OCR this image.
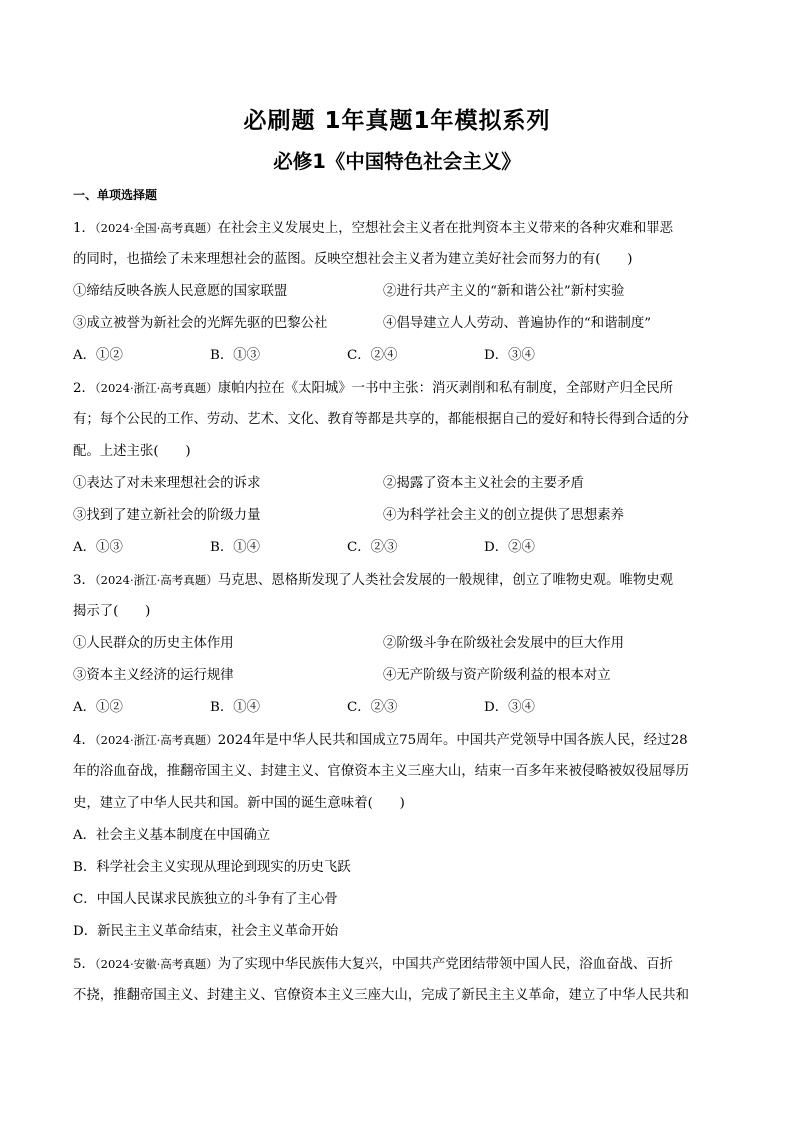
必刷题 1年真题1年模拟系列
必修1《中国特色社会主义》
一、单项选择题
1．（2024·全国·高考真题）在社会主义发展史上，空想社会主义者在批判资本主义带来的各种灾难和罪恶
的同时，也描绘了未来理想社会的蓝图。反映空想社会主义者为建立美好社会而努力的有(　　)
①缔结反映各族人民意愿的国家联盟	②进行共产主义的“新和谐公社”新村实验
③成立被誉为新社会的光辉先驱的巴黎公社	④倡导建立人人劳动、普遍协作的“和谐制度”
A．①②	B．①③	C．②④	D．③④
2．（2024·浙江·高考真题）康帕内拉在《太阳城》一书中主张：消灭剥削和私有制度，全部财产归全民所
有；每个公民的工作、劳动、艺术、文化、教育等都是共享的，都能根据自己的爱好和特长得到合适的分
配。上述主张(　　)
①表达了对未来理想社会的诉求	②揭露了资本主义社会的主要矛盾
③找到了建立新社会的阶级力量	④为科学社会主义的创立提供了思想素养
A．①③	B．①④	C．②③	D．②④
3．（2024·浙江·高考真题）马克思、恩格斯发现了人类社会发展的一般规律，创立了唯物史观。唯物史观
揭示了(　　)
①人民群众的历史主体作用	②阶级斗争在阶级社会发展中的巨大作用
③资本主义经济的运行规律	④无产阶级与资产阶级利益的根本对立
A．①②	B．①④	C．②③	D．③④
4．（2024·浙江·高考真题）2024年是中华人民共和国成立75周年。中国共产党领导中国各族人民，经过28
年的浴血奋战，推翻帝国主义、封建主义、官僚资本主义三座大山，结束一百多年来被侵略被奴役屈辱历
史，建立了中华人民共和国。新中国的诞生意味着(　　)
A．社会主义基本制度在中国确立
B．科学社会主义实现从理论到现实的历史飞跃
C．中国人民谋求民族独立的斗争有了主心骨
D．新民主主义革命结束，社会主义革命开始
5．（2024·安徽·高考真题）为了实现中华民族伟大复兴，中国共产党团结带领中国人民，浴血奋战、百折
不挠，推翻帝国主义、封建主义、官僚资本主义三座大山，完成了新民主主义革命，建立了中华人民共和
